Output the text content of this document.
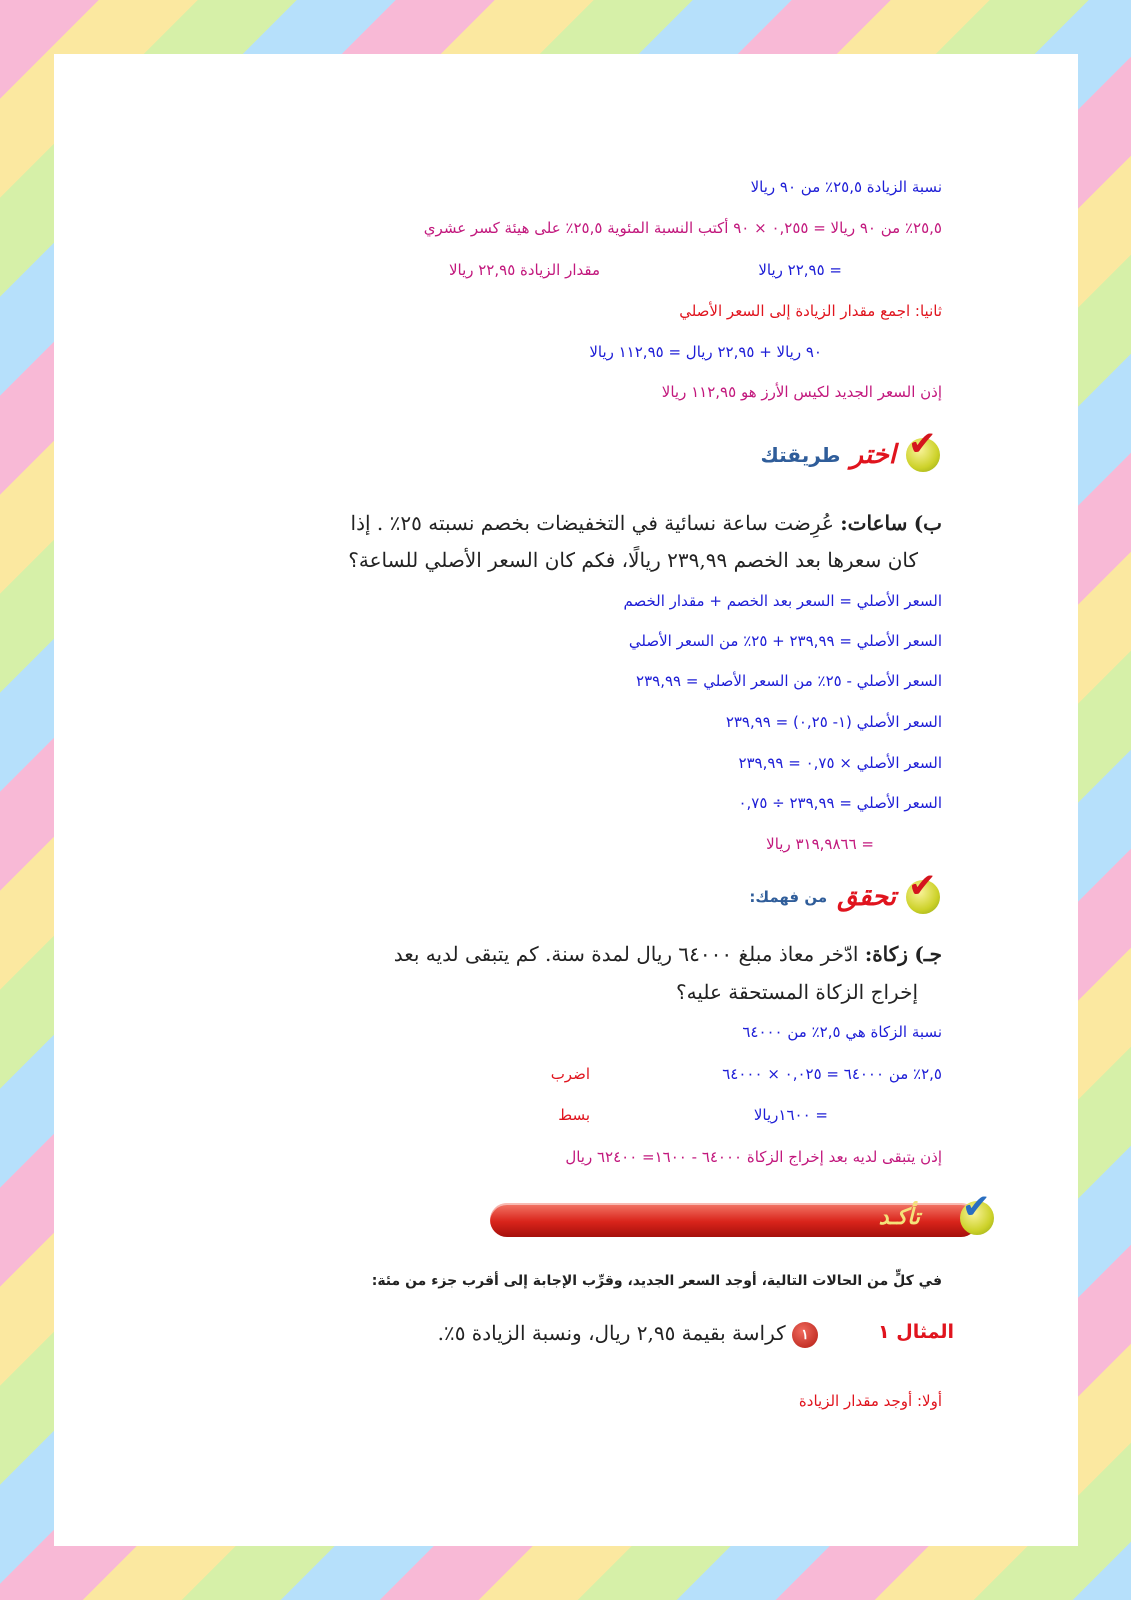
نسبة الزيادة ٢٥,٥٪ من ٩٠ ريالا
٢٥,٥٪ من ٩٠ ريالا = ٠,٢٥٥ × ٩٠ أكتب النسبة المئوية ٢٥,٥٪ على هيئة كسر عشري
= ٢٢,٩٥ ريالا
مقدار الزيادة ٢٢,٩٥ ريالا
ثانيا: اجمع مقدار الزيادة إلى السعر الأصلي
٩٠ ريالا + ٢٢,٩٥ ريال = ١١٢,٩٥ ريالا
إذن السعر الجديد لكيس الأرز هو ١١٢,٩٥ ريالا
✔
اختر
طريقتك
ب) ساعات: عُرِضت ساعة نسائية في التخفيضات بخصم نسبته ٢٥٪ . إذا
كان سعرها بعد الخصم ٢٣٩,٩٩ ريالًا، فكم كان السعر الأصلي للساعة؟
السعر الأصلي = السعر بعد الخصم + مقدار الخصم
السعر الأصلي = ٢٣٩,٩٩ + ٢٥٪ من السعر الأصلي
السعر الأصلي - ٢٥٪ من السعر الأصلي = ٢٣٩,٩٩
السعر الأصلي (١- ٠,٢٥) = ٢٣٩,٩٩
السعر الأصلي × ٠,٧٥ = ٢٣٩,٩٩
السعر الأصلي = ٢٣٩,٩٩ ÷ ٠,٧٥
= ٣١٩,٩٨٦٦ ريالا
✔
تحقق
من فهمك:
جـ) زكاة: ادّخر معاذ مبلغ ٦٤٠٠٠ ريال لمدة سنة. كم يتبقى لديه بعد
إخراج الزكاة المستحقة عليه؟
نسبة الزكاة هي ٢,٥٪ من ٦٤٠٠٠
٢,٥٪ من ٦٤٠٠٠ = ٠,٠٢٥ × ٦٤٠٠٠
اضرب
= ١٦٠٠ريالا
بسط
إذن يتبقى لديه بعد إخراج الزكاة ٦٤٠٠٠ - ١٦٠٠= ٦٢٤٠٠ ريال
✔
تأكـد
في كلٍّ من الحالات التالية، أوجد السعر الجديد، وقرِّب الإجابة إلى أقرب جزء من مئة:
المثال ١
١ كراسة بقيمة ٢,٩٥ ريال، ونسبة الزيادة ٥٪.
أولا: أوجد مقدار الزيادة
